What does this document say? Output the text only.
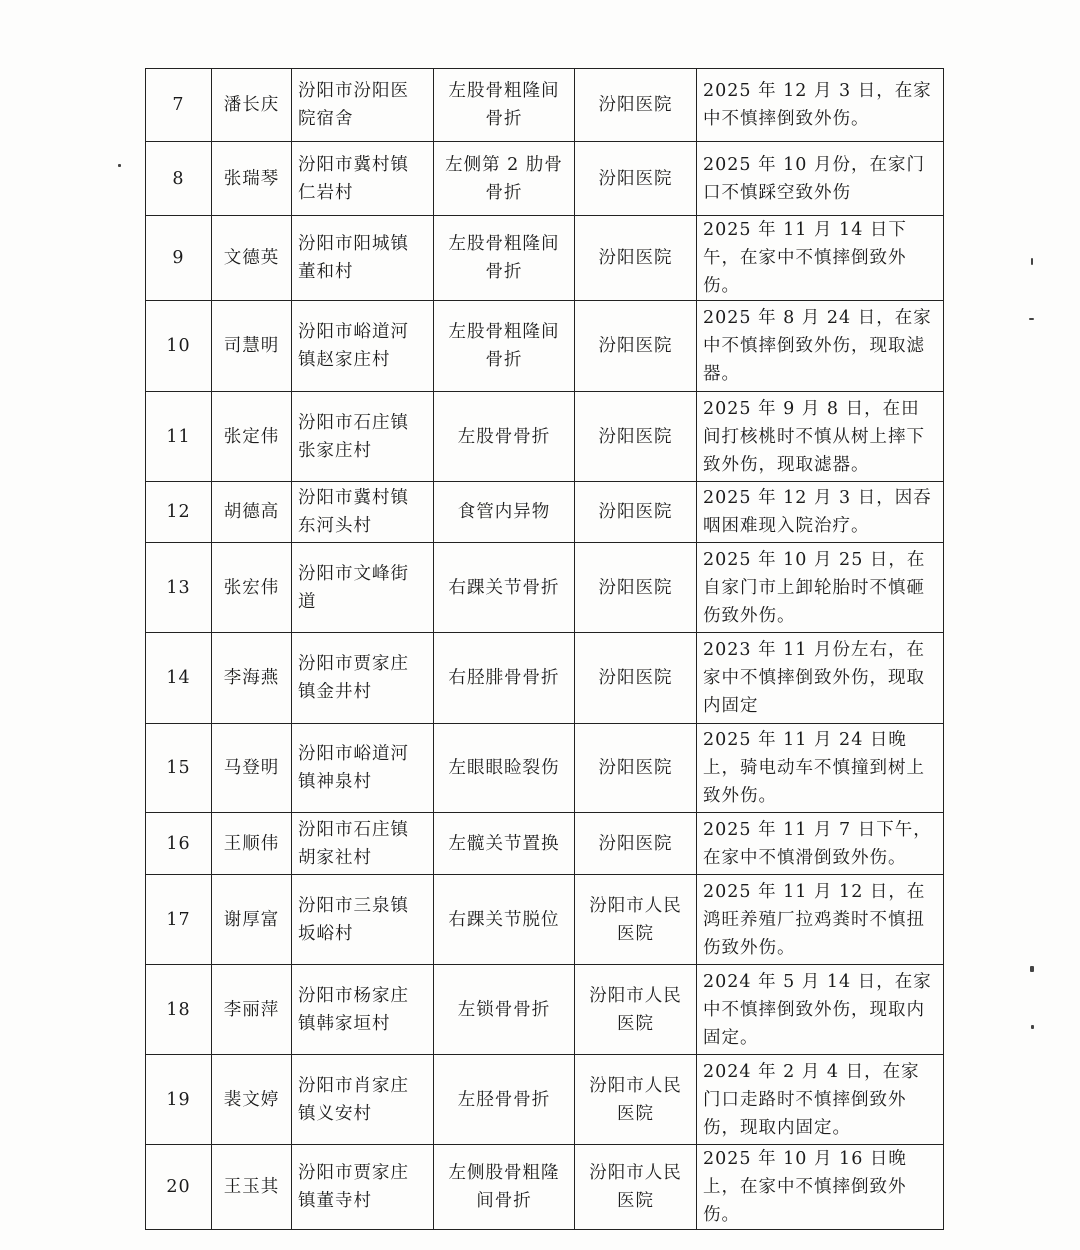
7	潘长庆	汾阳市汾阳医院宿舍	左股骨粗隆间骨折	汾阳医院	2025 年 12 月 3 日，在家中不慎摔倒致外伤。
8	张瑞琴	汾阳市冀村镇仁岩村	左侧第 2 肋骨骨折	汾阳医院	2025 年 10 月份，在家门口不慎踩空致外伤
9	文德英	汾阳市阳城镇董和村	左股骨粗隆间骨折	汾阳医院	2025 年 11 月 14 日下午，在家中不慎摔倒致外伤。
10	司慧明	汾阳市峪道河镇赵家庄村	左股骨粗隆间骨折	汾阳医院	2025 年 8 月 24 日，在家中不慎摔倒致外伤，现取滤器。
11	张定伟	汾阳市石庄镇张家庄村	左股骨骨折	汾阳医院	2025 年 9 月 8 日，在田间打核桃时不慎从树上摔下致外伤，现取滤器。
12	胡德高	汾阳市冀村镇东河头村	食管内异物	汾阳医院	2025 年 12 月 3 日，因吞咽困难现入院治疗。
13	张宏伟	汾阳市文峰街道	右踝关节骨折	汾阳医院	2025 年 10 月 25 日，在自家门市上卸轮胎时不慎砸伤致外伤。
14	李海燕	汾阳市贾家庄镇金井村	右胫腓骨骨折	汾阳医院	2023 年 11 月份左右，在家中不慎摔倒致外伤，现取内固定
15	马登明	汾阳市峪道河镇神泉村	左眼眼睑裂伤	汾阳医院	2025 年 11 月 24 日晚上，骑电动车不慎撞到树上致外伤。
16	王顺伟	汾阳市石庄镇胡家社村	左髋关节置换	汾阳医院	2025 年 11 月 7 日下午，在家中不慎滑倒致外伤。
17	谢厚富	汾阳市三泉镇坂峪村	右踝关节脱位	汾阳市人民医院	2025 年 11 月 12 日，在鸿旺养殖厂拉鸡粪时不慎扭伤致外伤。
18	李丽萍	汾阳市杨家庄镇韩家垣村	左锁骨骨折	汾阳市人民医院	2024 年 5 月 14 日，在家中不慎摔倒致外伤，现取内固定。
19	裴文婷	汾阳市肖家庄镇义安村	左胫骨骨折	汾阳市人民医院	2024 年 2 月 4 日，在家门口走路时不慎摔倒致外伤，现取内固定。
20	王玉其	汾阳市贾家庄镇董寺村	左侧股骨粗隆间骨折	汾阳市人民医院	2025 年 10 月 16 日晚上，在家中不慎摔倒致外伤。
